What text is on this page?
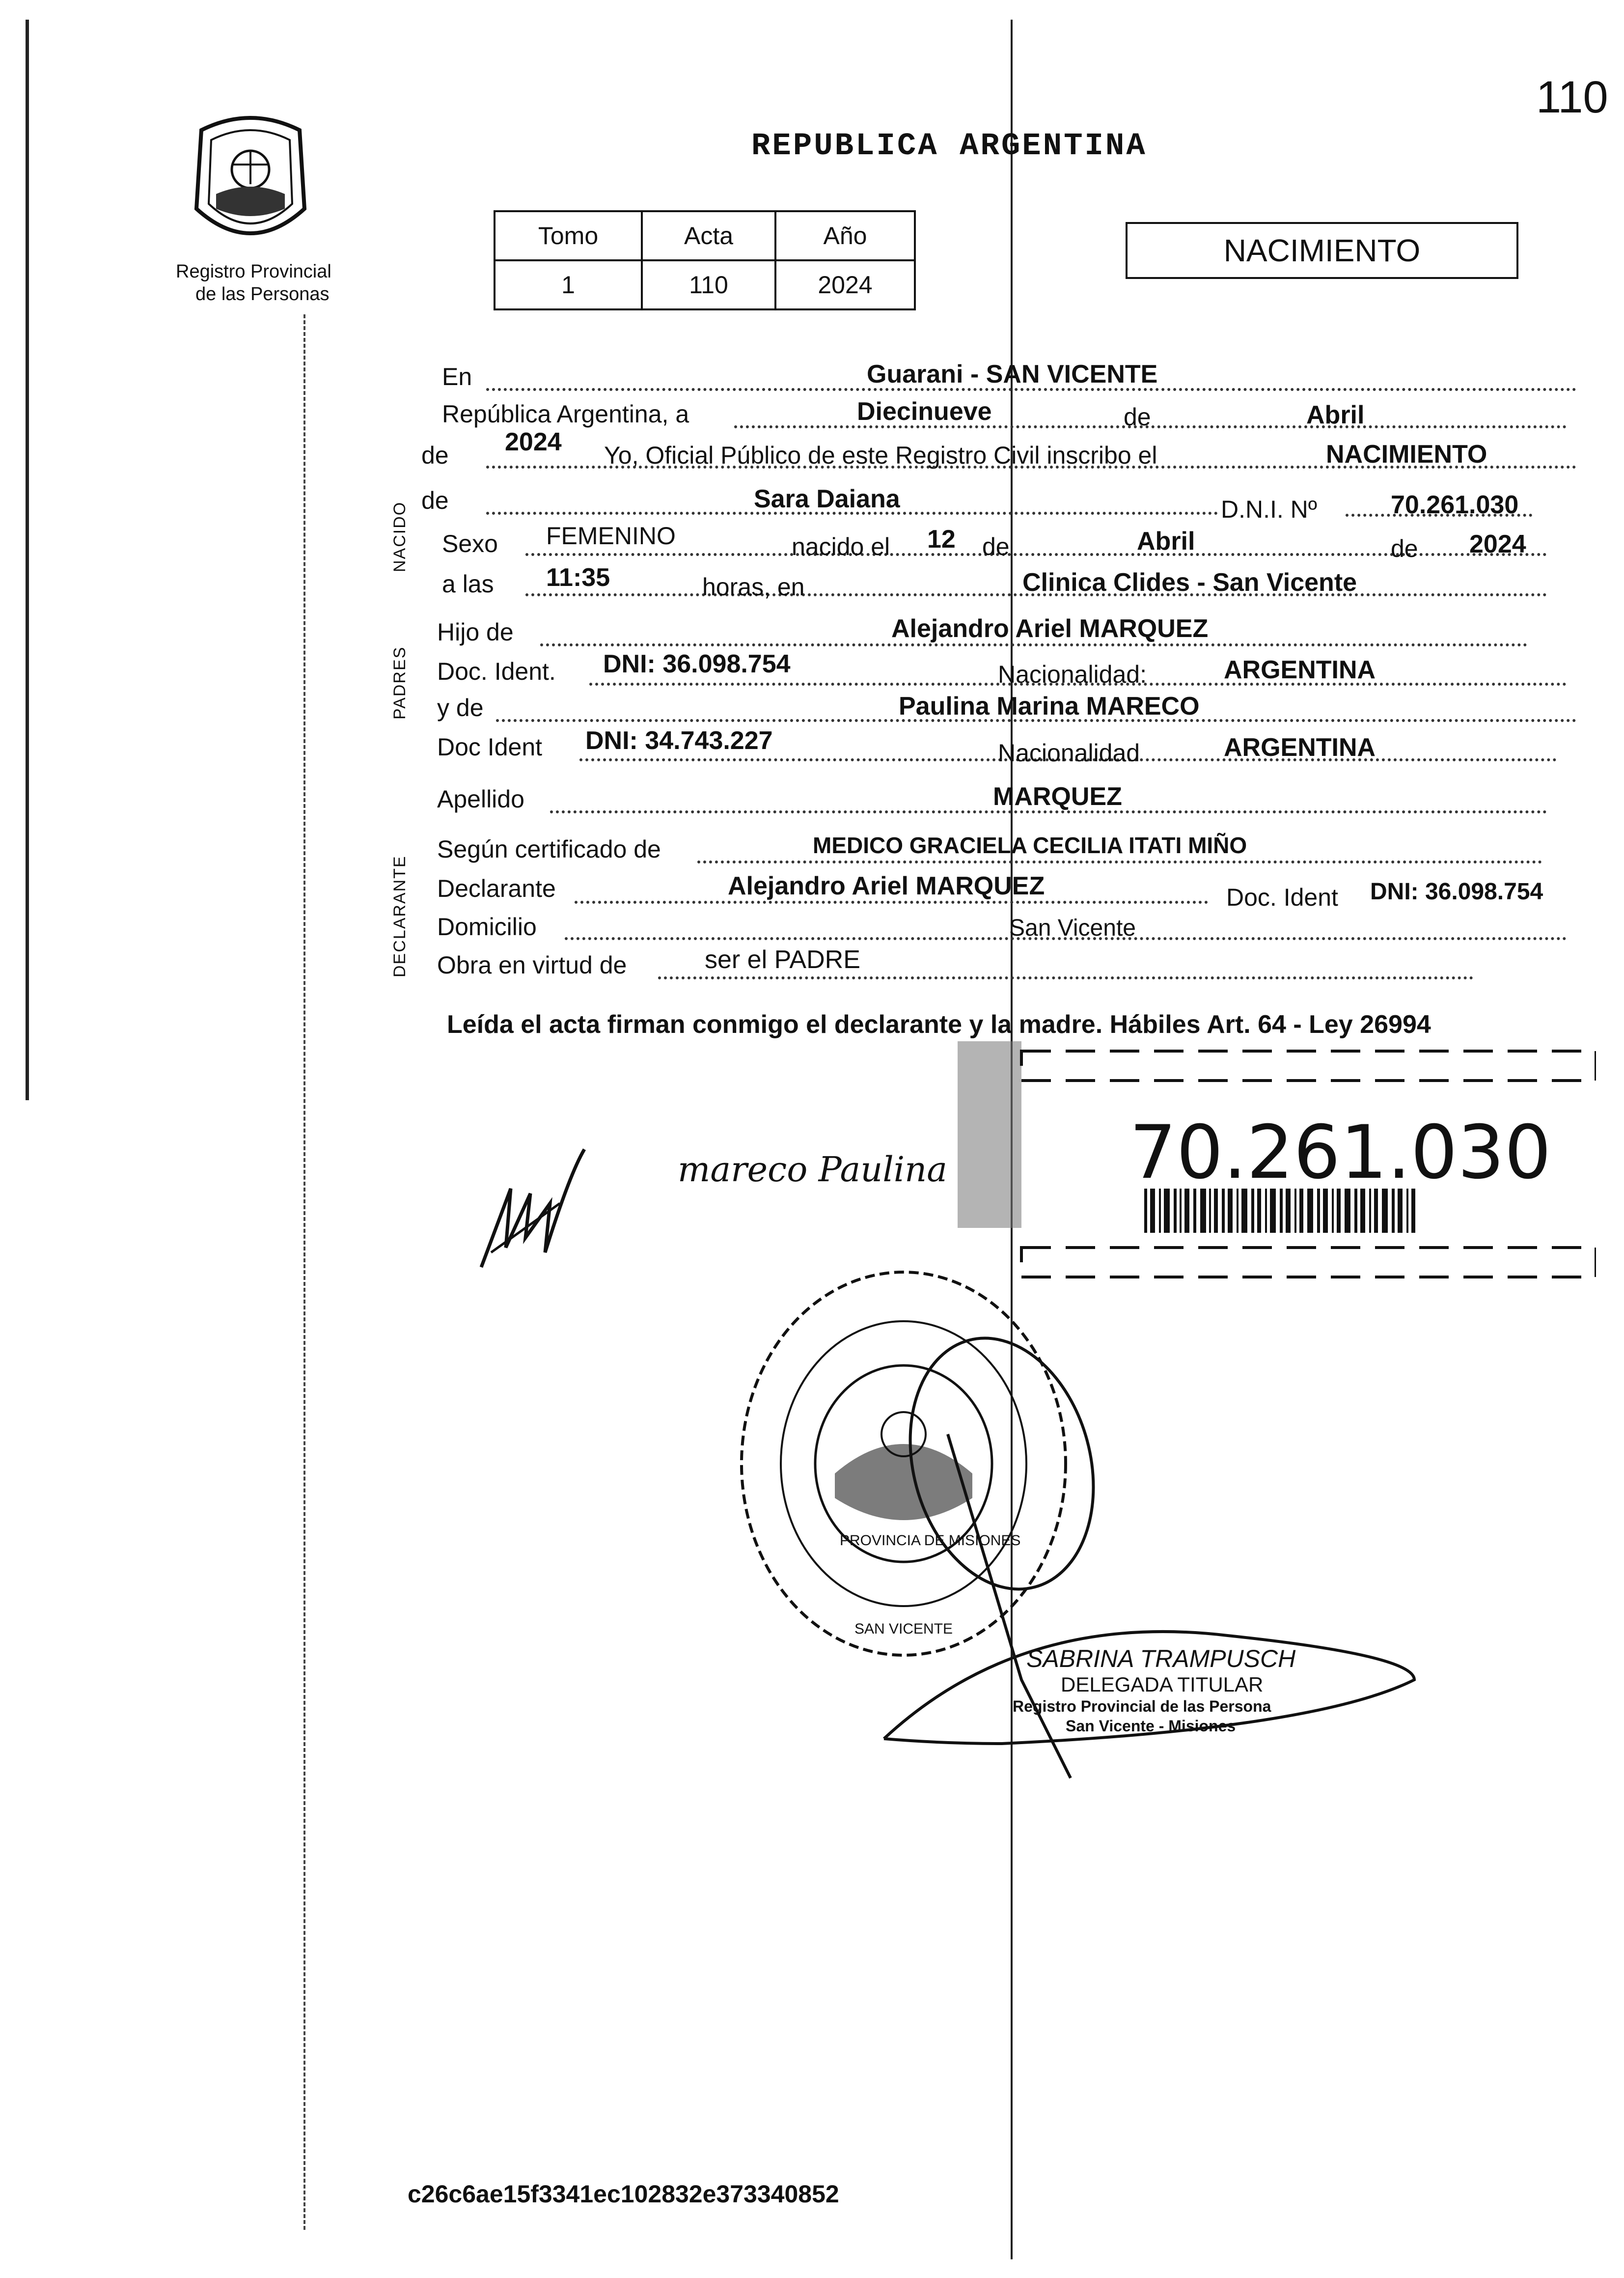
110
Registro Provincial
de las Personas
REPUBLICA ARGENTINA
Tomo	Acta	Año
1	110	2024
NACIMIENTO
NACIDO
PADRES
DECLARANTE
En	Guarani - SAN VICENTE
República Argentina, a	Diecinueve	de	Abril
de 2024 Yo, Oficial Público de este Registro Civil inscribo el	NACIMIENTO
de	Sara Daiana	D.N.I. Nº	70.261.030
Sexo FEMENINO	nacido el 12 de	Abril	de 2024
a las 11:35	horas, en	Clinica Clides - San Vicente
Hijo de	Alejandro Ariel MARQUEZ
Doc. Ident. DNI: 36.098.754	Nacionalidad:	ARGENTINA
y de	Paulina Marina MARECO
Doc Ident DNI: 34.743.227	Nacionalidad	ARGENTINA
Apellido	MARQUEZ
Según certificado de	MEDICO GRACIELA CECILIA ITATI MIÑO
Declarante	Alejandro Ariel MARQUEZ	Doc. Ident DNI: 36.098.754
Domicilio	San Vicente
Obra en virtud de	ser el PADRE
Leída el acta firman conmigo el declarante y la madre. Hábiles Art. 64 - Ley 26994
mareco Paulina 70.261.030
PROVINCIA DE MISIONES
SAN VICENTE
SABRINA TRAMPUSCH
DELEGADA TITULAR
Registro Provincial de las Persona
San Vicente - Misiones
c26c6ae15f3341ec102832e373340852
